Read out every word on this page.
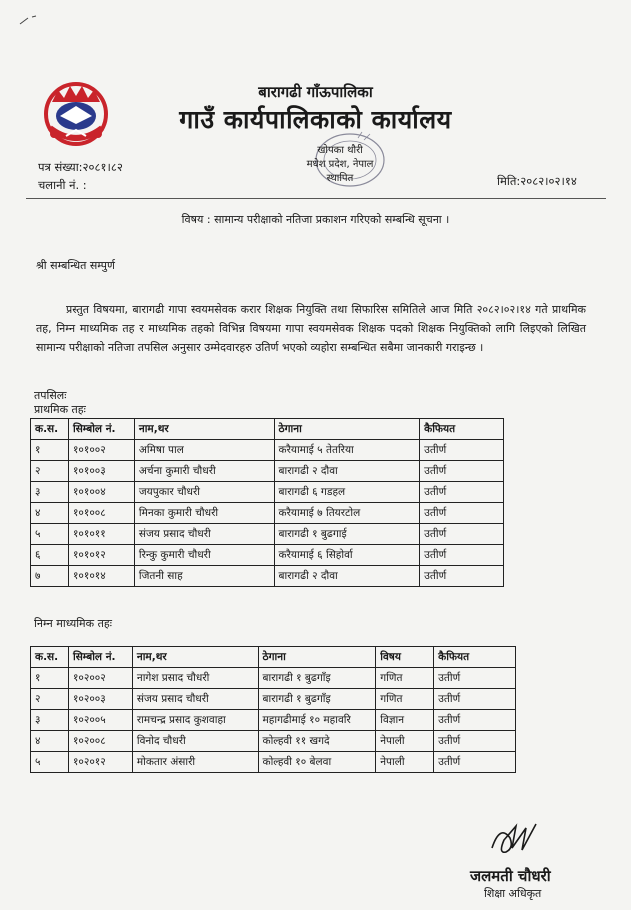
बारागढी गाँऊपालिका
गाउँ कार्यपालिकाको कार्यालय
खोपका थौरी
मधेश प्रदेश, नेपाल
स्थापित
पत्र संख्या:२०८१।८२
चलानी नं. :	मिति:२०८२।०२।१४
विषय : सामान्य परीक्षाको नतिजा प्रकाशन गरिएको सम्बन्धि सूचना ।
श्री सम्बन्धित सम्पुर्ण
प्रस्तुत विषयमा, बारागढी गापा स्वयमसेवक करार शिक्षक नियुक्ति तथा सिफारिस समितिले आज मिति २०८२।०२।१४ गते प्राथमिक तह, निम्न माध्यमिक तह र माध्यमिक तहको विभिन्न विषयमा गापा स्वयमसेवक शिक्षक पदको शिक्षक नियुक्तिको लागि लिइएको लिखित सामान्य परीक्षाको नतिजा तपसिल अनुसार उम्मेदवारहरु उतिर्ण भएको व्यहोरा सम्बन्धित सबैमा जानकारी गराइन्छ ।
तपसिलः
प्राथमिक तहः
क.स.	सिम्बोल नं.	नाम,थर	ठेगाना	कैफियत
१	१०१००२	अमिषा पाल	करैयामाई ५ तेतरिया	उतीर्ण
२	१०१००३	अर्चना कुमारी चौधरी	बारागढी २ दौवा	उतीर्ण
३	१०१००४	जयपुकार चौधरी	बारागढी ६ गडहल	उतीर्ण
४	१०१००८	मिनका कुमारी चौधरी	करैयामाई ७ तियरटोल	उतीर्ण
५	१०१०११	संजय प्रसाद चौधरी	बारागढी १ बुढगाई	उतीर्ण
६	१०१०१२	रिन्कु कुमारी चौधरी	करैयामाई ६ सिहोर्वा	उतीर्ण
७	१०१०१४	जितनी साह	बारागढी २ दौवा	उतीर्ण
निम्न माध्यमिक तहः
क.स.	सिम्बोल नं.	नाम,थर	ठेगाना	विषय	कैफियत
१	१०२००२	नागेश प्रसाद चौधरी	बारागढी १ बुढगाँइ	गणित	उतीर्ण
२	१०२००३	संजय प्रसाद चौधरी	बारागढी १ बुढगाँइ	गणित	उतीर्ण
३	१०२००५	रामचन्द्र प्रसाद कुशवाहा	महागढीमाई १० महावरि	विज्ञान	उतीर्ण
४	१०२००८	विनोद चौधरी	कोल्हवी ११ खगदे	नेपाली	उतीर्ण
५	१०२०१२	मोकतार अंसारी	कोल्हवी १० बेलवा	नेपाली	उतीर्ण
जलमती चौधरी
शिक्षा अधिकृत
